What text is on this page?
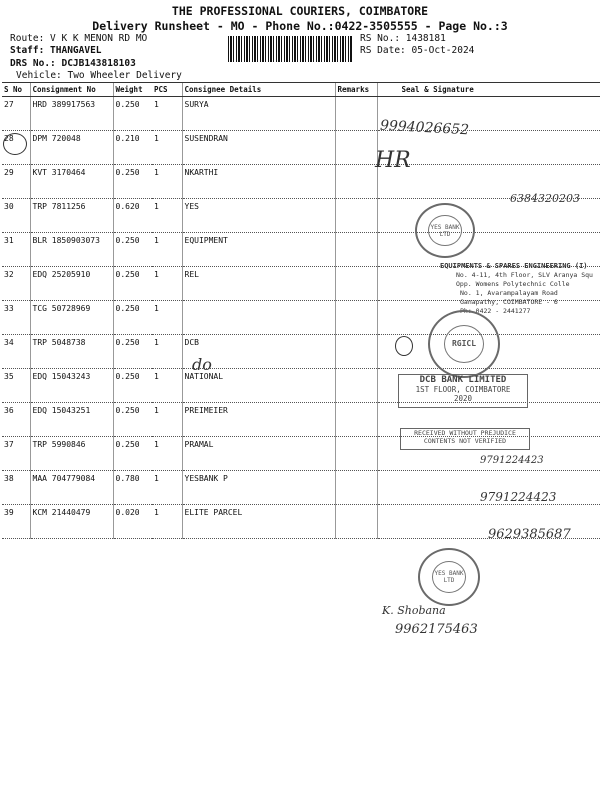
THE PROFESSIONAL COURIERS, COIMBATORE
Delivery Runsheet - MO - Phone No.:0422-3505555 - Page No.:3
Route: V K K MENON RD MO
Staff: THANGAVEL
DRS No.: DCJB143818103
Vehicle: Two Wheeler Delivery
RS No.: 1438181
RS Date: 05-Oct-2024
S No	Consignment No	Weight	PCS	Consignee Details	Remarks	Seal & Signature
27	HRD 389917563	0.250	1	SURYA		
28	DPM 720048	0.210	1	SUSENDRAN		
29	KVT 3170464	0.250	1	NKARTHI		
30	TRP 7811256	0.620	1	YES		
31	BLR 1850903073	0.250	1	EQUIPMENT		
32	EDQ 25205910	0.250	1	REL		
33	TCG 50728969	0.250	1			
34	TRP 5048738	0.250	1	DCB		
35	EDQ 15043243	0.250	1	NATIONAL		
36	EDQ 15043251	0.250	1	PREIMEIER		
37	TRP 5990846	0.250	1	PRAMAL		
38	MAA 704779084	0.780	1	YESBANK P		
39	KCM 21440479	0.020	1	ELITE PARCEL		
9994026652
HR
6384320203
do
9791224423
9791224423
9629385687
K. Shobana
9962175463
YES BANK LTD
EQUIPMENTS & SPARES ENGINEERING (I)
No. 4-11, 4th Floor, SLV Aranya Squ
Opp. Womens Polytechnic Colle
No. 1, Avarampalayam Road
Ganapathy, COIMBATORE - 6
Ph: 0422 - 2441277
RGICL
DCB BANK LIMITED
1ST FLOOR, COIMBATORE
2020
RECEIVED WITHOUT PREJUDICE
CONTENTS NOT VERIFIED
YES BANK LTD
